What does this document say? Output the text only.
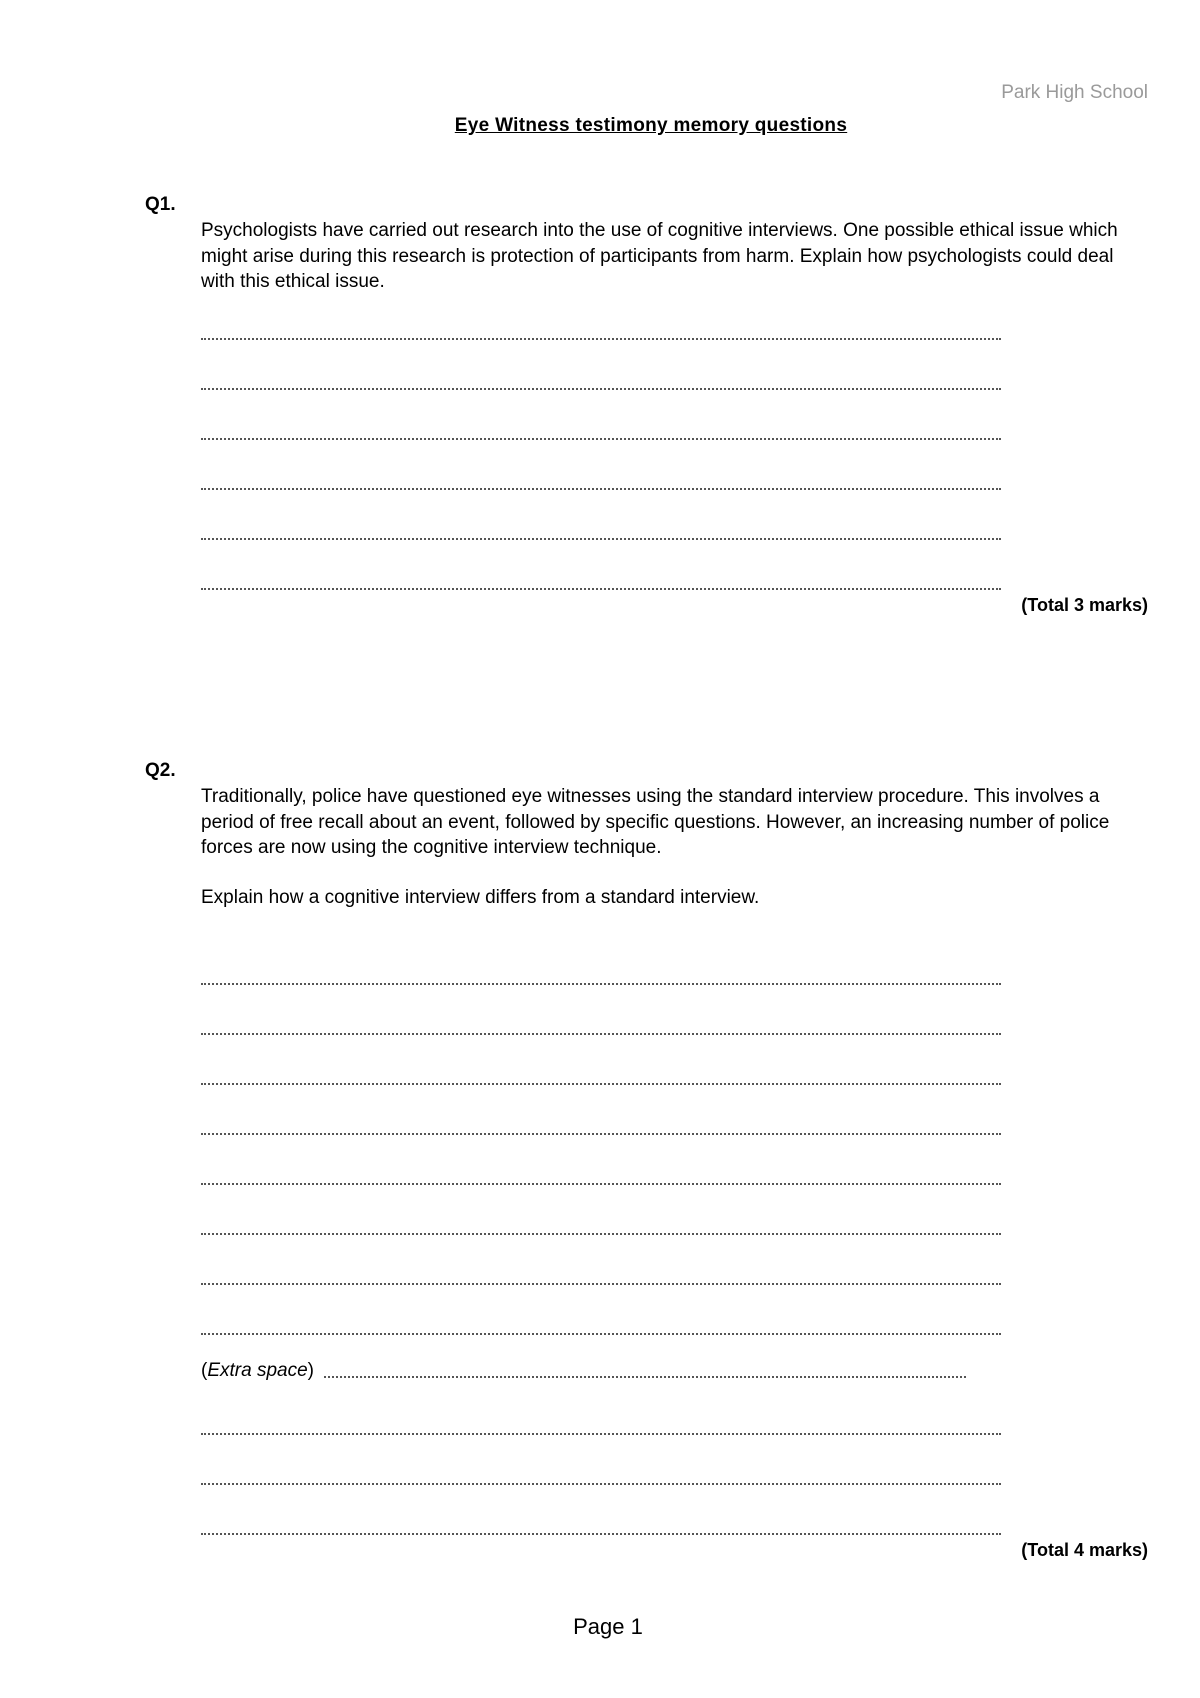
Park High School
Eye Witness testimony memory questions
Q1.

Psychologists have carried out research into the use of cognitive interviews. One possible ethical issue which might arise during this research is protection of participants from harm. Explain how psychologists could deal with this ethical issue.

(Total 3 marks)
Q2.

Traditionally, police have questioned eye witnesses using the standard interview procedure. This involves a period of free recall about an event, followed by specific questions. However, an increasing number of police forces are now using the cognitive interview technique.

Explain how a cognitive interview differs from a standard interview.

( Extra space )
(Total 4 marks)
Page 1
